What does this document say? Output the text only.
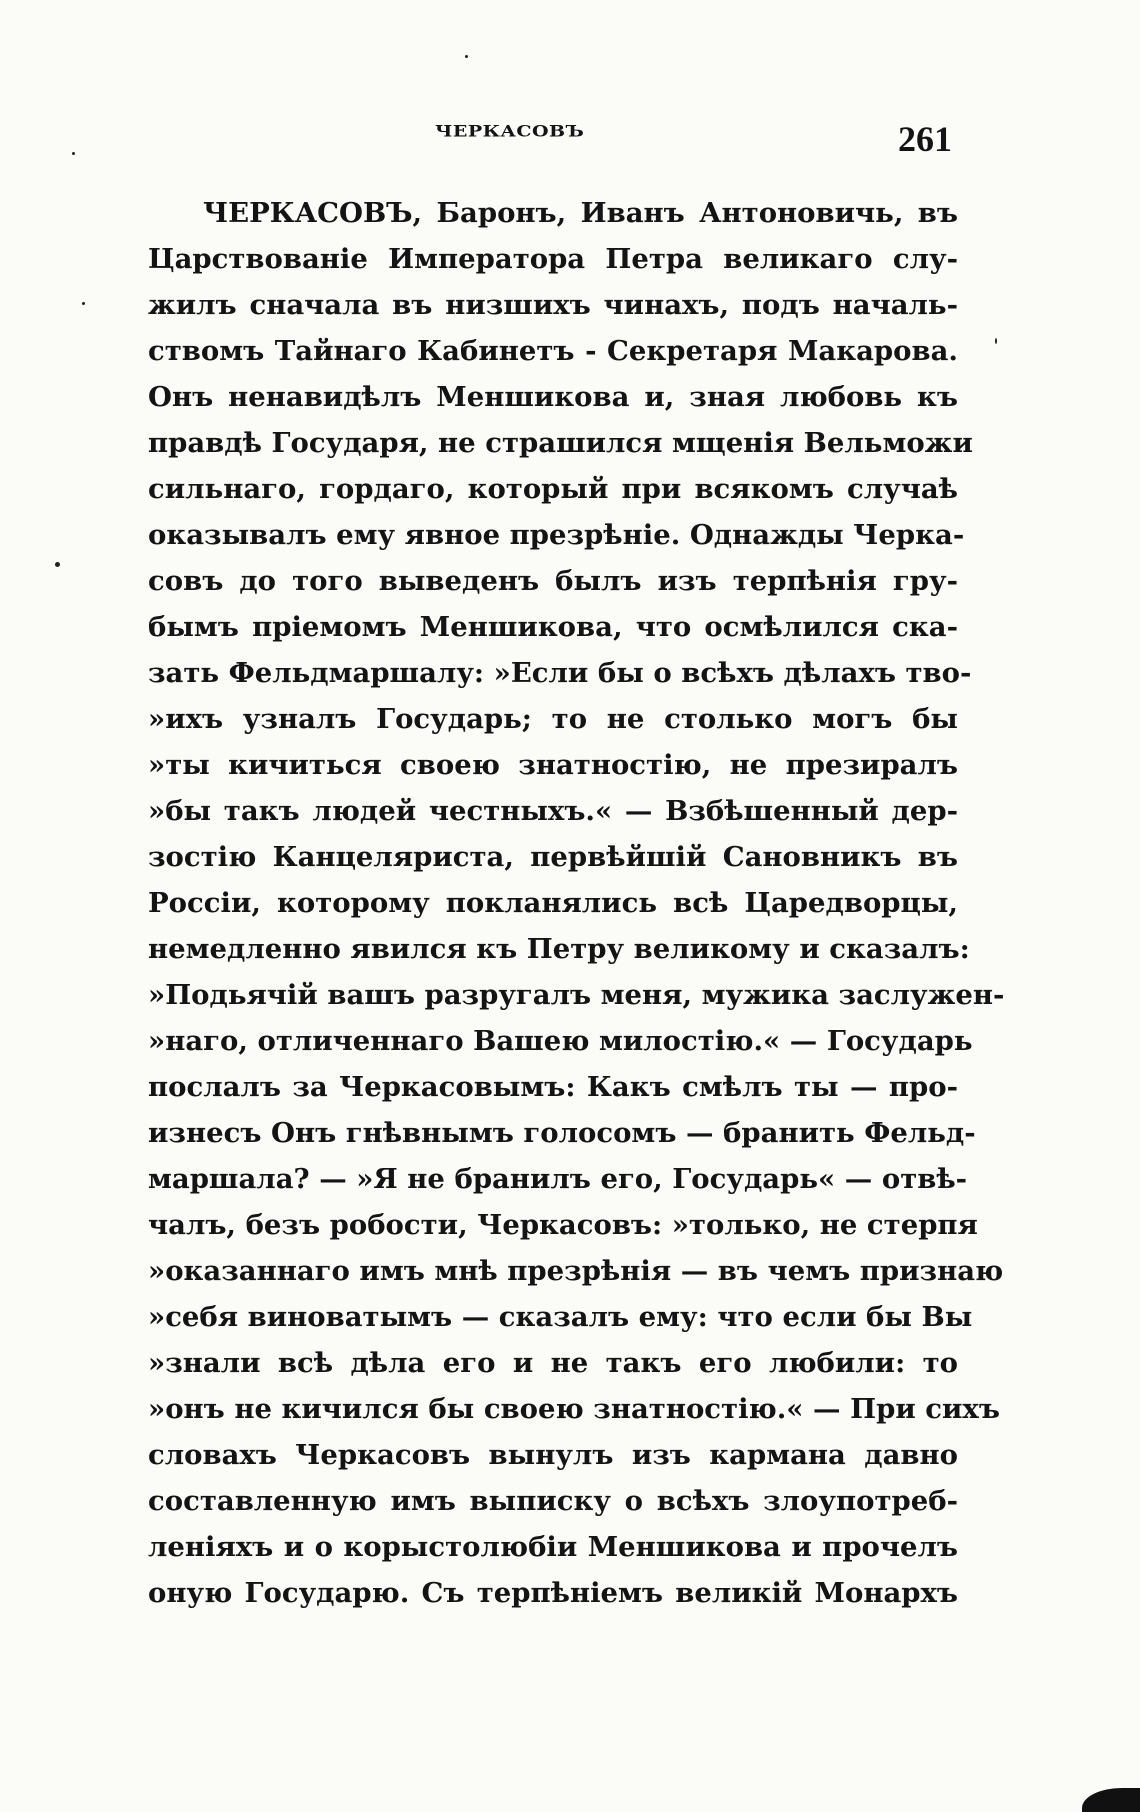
ЧЕРКАСОВЪ	261
ЧЕРКАСОВЪ, Баронъ, Иванъ Антоновичь, въ
Царствованіе Императора Петра великаго слу-
жилъ сначала въ низшихъ чинахъ, подъ началь-
ствомъ Тайнаго Кабинетъ - Секретаря Макарова.
Онъ ненавидѣлъ Меншикова и, зная любовь къ
правдѣ Государя, не страшился мщенія Вельможи
сильнаго, гордаго, который при всякомъ случаѣ
оказывалъ ему явное презрѣніе. Однажды Черка-
совъ до того выведенъ былъ изъ терпѣнія гру-
бымъ пріемомъ Меншикова, что осмѣлился ска-
зать Фельдмаршалу: »Если бы о всѣхъ дѣлахъ тво-
»ихъ узналъ Государь; то не столько могъ бы
»ты кичиться своею знатностію, не презиралъ
»бы такъ людей честныхъ.« — Взбѣшенный дер-
зостію Канцеляриста, первѣйшій Сановникъ въ
Россіи, которому покланялись всѣ Царедворцы,
немедленно явился къ Петру великому и сказалъ:
»Подьячій вашъ разругалъ меня, мужика заслужен-
»наго, отличеннаго Вашею милостію.« — Государь
послалъ за Черкасовымъ: Какъ смѣлъ ты — про-
изнесъ Онъ гнѣвнымъ голосомъ — бранить Фельд-
маршала? — »Я не бранилъ его, Государь« — отвѣ-
чалъ, безъ робости, Черкасовъ: »только, не стерпя
»оказаннаго имъ мнѣ презрѣнія — въ чемъ признаю
»себя виноватымъ — сказалъ ему: что если бы Вы
»знали всѣ дѣла его и не такъ его любили: то
»онъ не кичился бы своею знатностію.« — При сихъ
словахъ Черкасовъ вынулъ изъ кармана давно
составленную имъ выписку о всѣхъ злоупотреб-
леніяхъ и о корыстолюбіи Меншикова и прочелъ
оную Государю. Съ терпѣніемъ великій Монархъ
